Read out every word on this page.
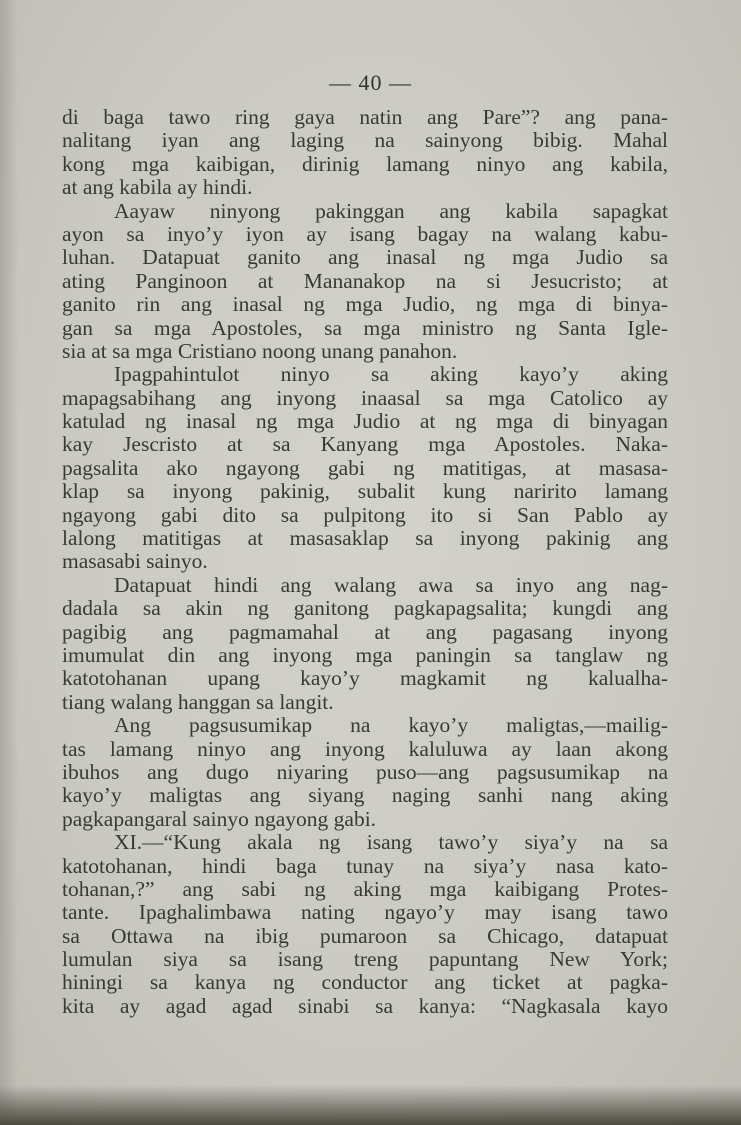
— 40 —
di baga tawo ring gaya natin ang Pare”? ang pana-
nalitang iyan ang laging na sainyong bibig. Mahal
kong mga kaibigan, dirinig lamang ninyo ang kabila,
at ang kabila ay hindi.
Aayaw ninyong pakinggan ang kabila sapagkat
ayon sa inyo’y iyon ay isang bagay na walang kabu-
luhan. Datapuat ganito ang inasal ng mga Judio sa
ating Panginoon at Mananakop na si Jesucristo; at
ganito rin ang inasal ng mga Judio, ng mga di binya-
gan sa mga Apostoles, sa mga ministro ng Santa Igle-
sia at sa mga Cristiano noong unang panahon.
Ipagpahintulot ninyo sa aking kayo’y aking
mapagsabihang ang inyong inaasal sa mga Catolico ay
katulad ng inasal ng mga Judio at ng mga di binyagan
kay Jescristo at sa Kanyang mga Apostoles. Naka-
pagsalita ako ngayong gabi ng matitigas, at masasa-
klap sa inyong pakinig, subalit kung naririto lamang
ngayong gabi dito sa pulpitong ito si San Pablo ay
lalong matitigas at masasaklap sa inyong pakinig ang
masasabi sainyo.
Datapuat hindi ang walang awa sa inyo ang nag-
dadala sa akin ng ganitong pagkapagsalita; kungdi ang
pagibig ang pagmamahal at ang pagasang inyong
imumulat din ang inyong mga paningin sa tanglaw ng
katotohanan upang kayo’y magkamit ng kalualha-
tiang walang hanggan sa langit.
Ang pagsusumikap na kayo’y maligtas,—mailig-
tas lamang ninyo ang inyong kaluluwa ay laan akong
ibuhos ang dugo niyaring puso—ang pagsusumikap na
kayo’y maligtas ang siyang naging sanhi nang aking
pagkapangaral sainyo ngayong gabi.
XI.—“Kung akala ng isang tawo’y siya’y na sa
katotohanan, hindi baga tunay na siya’y nasa kato-
tohanan,?” ang sabi ng aking mga kaibigang Protes-
tante. Ipaghalimbawa nating ngayo’y may isang tawo
sa Ottawa na ibig pumaroon sa Chicago, datapuat
lumulan siya sa isang treng papuntang New York;
hiningi sa kanya ng conductor ang ticket at pagka-
kita ay agad agad sinabi sa kanya: “Nagkasala kayo
